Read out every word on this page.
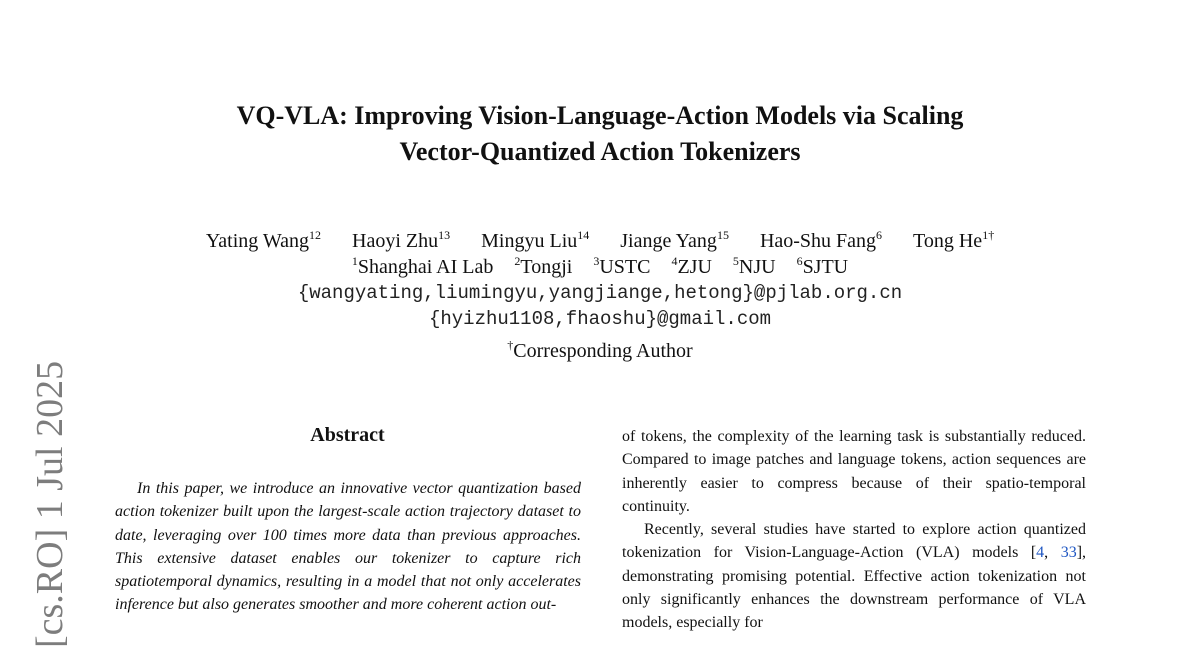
[cs.RO] 1 Jul 2025
VQ-VLA: Improving Vision-Language-Action Models via Scaling
Vector-Quantized Action Tokenizers
Yating Wang$^{12}$ Haoyi Zhu$^{13}$ Mingyu Liu$^{14}$ Jiange Yang$^{15}$ Hao-Shu Fang$^6$ Tong $He^{1\dagger}$
$^1$Shanghai AI Lab $^2$Tongji $^3$USTC $^4$ZJU $^5$NJU $^6$SJTU
{wangyating,liumingyu,yangjiange,hetong}@pjlab.org.cn
{hyizhu1108,fhaoshu}@gmail.com
†Corresponding Author
Abstract

In this paper, we introduce an innovative vector quantization based action tokenizer built upon the largest-scale action trajectory dataset to date, leveraging over 100 times more data than previous approaches. This extensive dataset enables our tokenizer to capture rich spatiotemporal dynamics, resulting in a model that not only accelerates inference but also generates smoother and more coherent action out-

of tokens, the complexity of the learning task is substantially reduced. Compared to image patches and language tokens, action sequences are inherently easier to compress because of their spatio-temporal continuity.

Recently, several studies have started to explore action quantized tokenization for Vision-Language-Action (VLA) models [4, 33], demonstrating promising potential. Effective action tokenization not only significantly enhances the downstream performance of VLA models, especially for
